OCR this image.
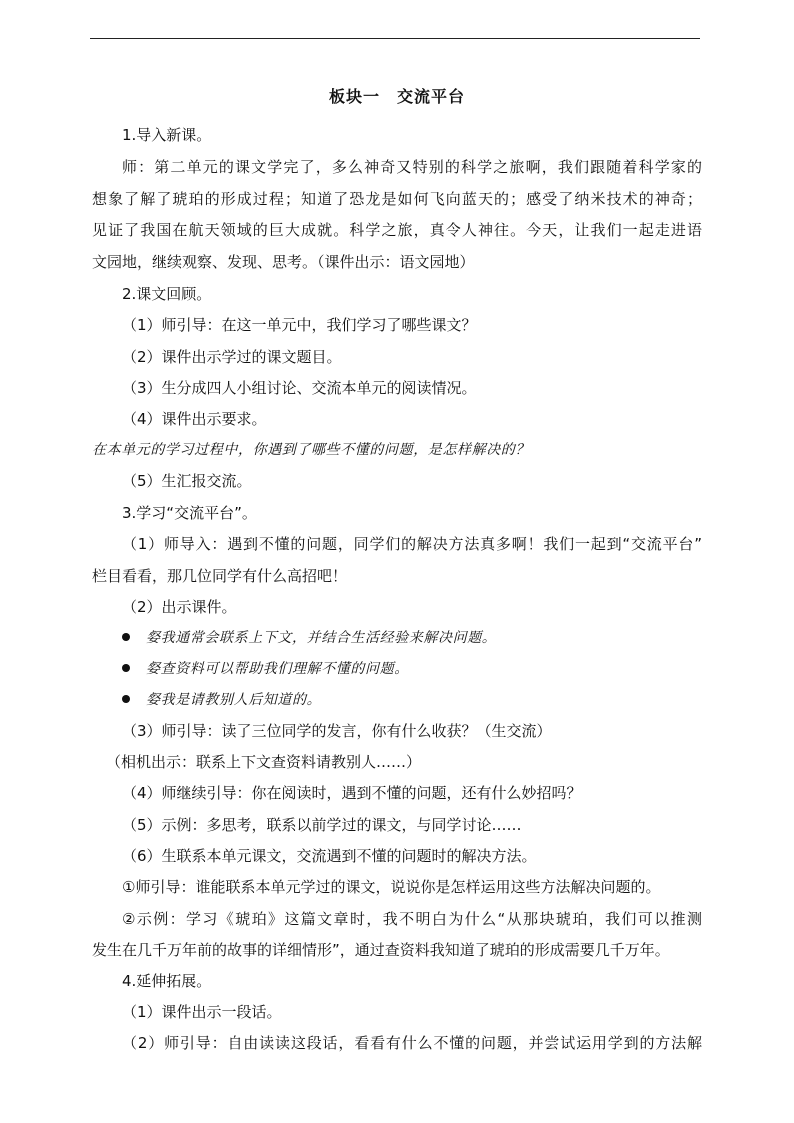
板块一　交流平台
1.导入新课。
师：第二单元的课文学完了，多么神奇又特别的科学之旅啊，我们跟随着科学家的
想象了解了琥珀的形成过程；知道了恐龙是如何飞向蓝天的；感受了纳米技术的神奇；
见证了我国在航天领域的巨大成就。科学之旅，真令人神往。今天，让我们一起走进语
文园地，继续观察、发现、思考。（课件出示：语文园地）
2.课文回顾。
（1）师引导：在这一单元中，我们学习了哪些课文？
（2）课件出示学过的课文题目。
（3）生分成四人小组讨论、交流本单元的阅读情况。
（4）课件出示要求。
在本单元的学习过程中，你遇到了哪些不懂的问题，是怎样解决的？
（5）生汇报交流。
3.学习“交流平台”。
（1）师导入：遇到不懂的问题，同学们的解决方法真多啊！我们一起到“交流平台”
栏目看看，那几位同学有什么高招吧！
（2）出示课件。
㛑我通常会联系上下文，并结合生活经验来解决问题。
㛑查资料可以帮助我们理解不懂的问题。
㛑我是请教别人后知道的。
（3）师引导：读了三位同学的发言，你有什么收获？（生交流）
（相机出示：联系上下文查资料请教别人……）
（4）师继续引导：你在阅读时，遇到不懂的问题，还有什么妙招吗？
（5）示例：多思考，联系以前学过的课文，与同学讨论……
（6）生联系本单元课文，交流遇到不懂的问题时的解决方法。
①师引导：谁能联系本单元学过的课文，说说你是怎样运用这些方法解决问题的。
②示例：学习《琥珀》这篇文章时，我不明白为什么“从那块琥珀，我们可以推测
发生在几千万年前的故事的详细情形”，通过查资料我知道了琥珀的形成需要几千万年。
4.延伸拓展。
（1）课件出示一段话。
（2）师引导：自由读读这段话，看看有什么不懂的问题，并尝试运用学到的方法解
